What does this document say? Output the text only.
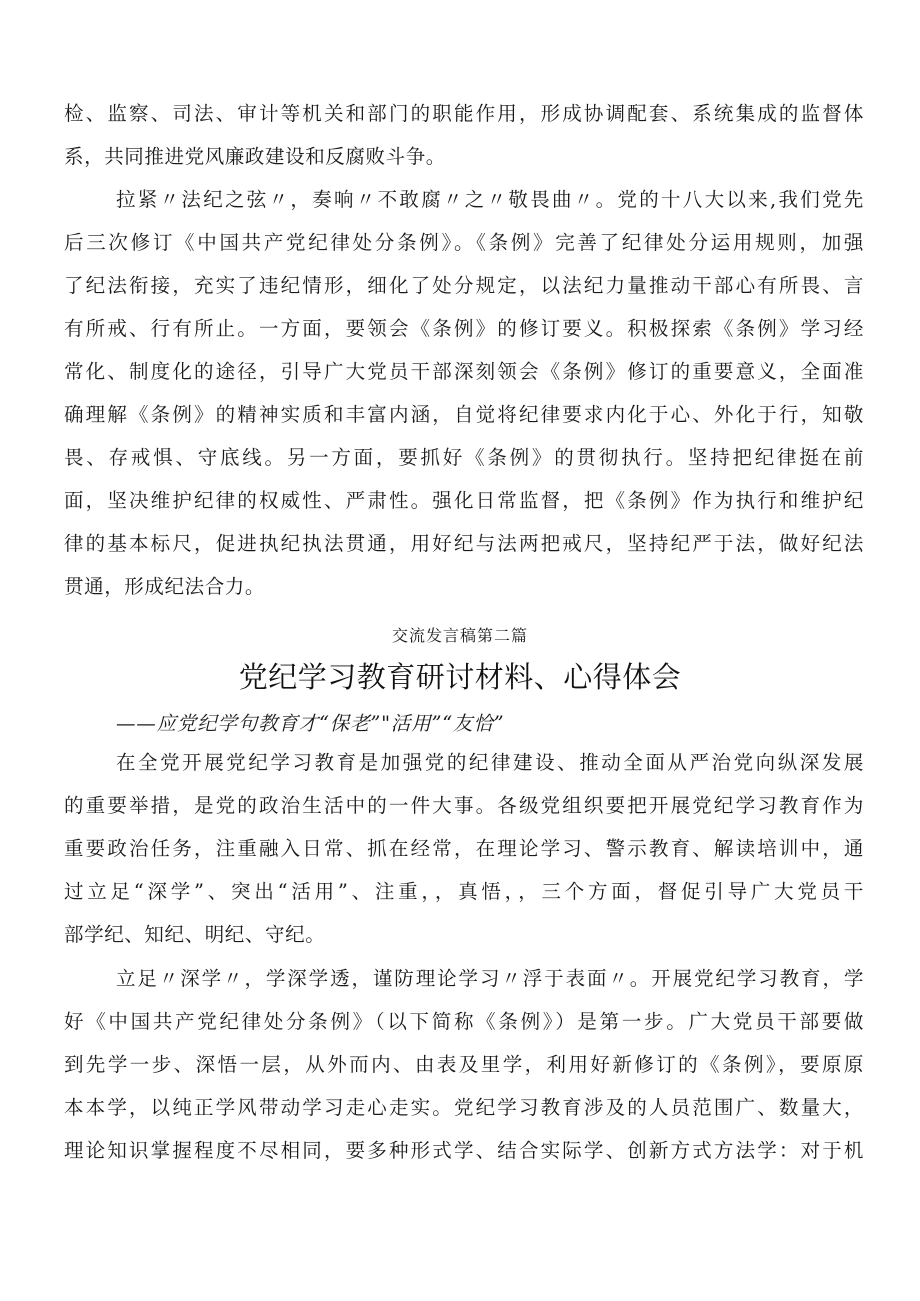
检、监察、司法、审计等机关和部门的职能作用，形成协调配套、系统集成的监督体
系，共同推进党风廉政建设和反腐败斗争。
拉紧〃法纪之弦〃，奏响〃不敢腐〃之〃敬畏曲〃。党的十八大以来,我们党先
后三次修订《中国共产党纪律处分条例》。《条例》完善了纪律处分运用规则，加强
了纪法衔接，充实了违纪情形，细化了处分规定，以法纪力量推动干部心有所畏、言
有所戒、行有所止。一方面，要领会《条例》的修订要义。积极探索《条例》学习经
常化、制度化的途径，引导广大党员干部深刻领会《条例》修订的重要意义，全面准
确理解《条例》的精神实质和丰富内涵，自觉将纪律要求内化于心、外化于行，知敬
畏、存戒惧、守底线。另一方面，要抓好《条例》的贯彻执行。坚持把纪律挺在前
面，坚决维护纪律的权威性、严肃性。强化日常监督，把《条例》作为执行和维护纪
律的基本标尺，促进执纪执法贯通，用好纪与法两把戒尺，坚持纪严于法，做好纪法
贯通，形成纪法合力。
交流发言稿第二篇
党纪学习教育研讨材料、心得体会
——应党纪学句教育才“保老”"活用”“友恰”
在全党开展党纪学习教育是加强党的纪律建设、推动全面从严治党向纵深发展
的重要举措，是党的政治生活中的一件大事。各级党组织要把开展党纪学习教育作为
重要政治任务，注重融入日常、抓在经常，在理论学习、警示教育、解读培训中，通
过立足“深学”、突出“活用”、注重，，真悟，，三个方面，督促引导广大党员干
部学纪、知纪、明纪、守纪。
立足〃深学〃，学深学透，谨防理论学习〃浮于表面〃。开展党纪学习教育，学
好《中国共产党纪律处分条例》（以下简称《条例》）是第一步。广大党员干部要做
到先学一步、深悟一层，从外而内、由表及里学，利用好新修订的《条例》，要原原
本本学，以纯正学风带动学习走心走实。党纪学习教育涉及的人员范围广、数量大，
理论知识掌握程度不尽相同，要多种形式学、结合实际学、创新方式方法学：对于机
